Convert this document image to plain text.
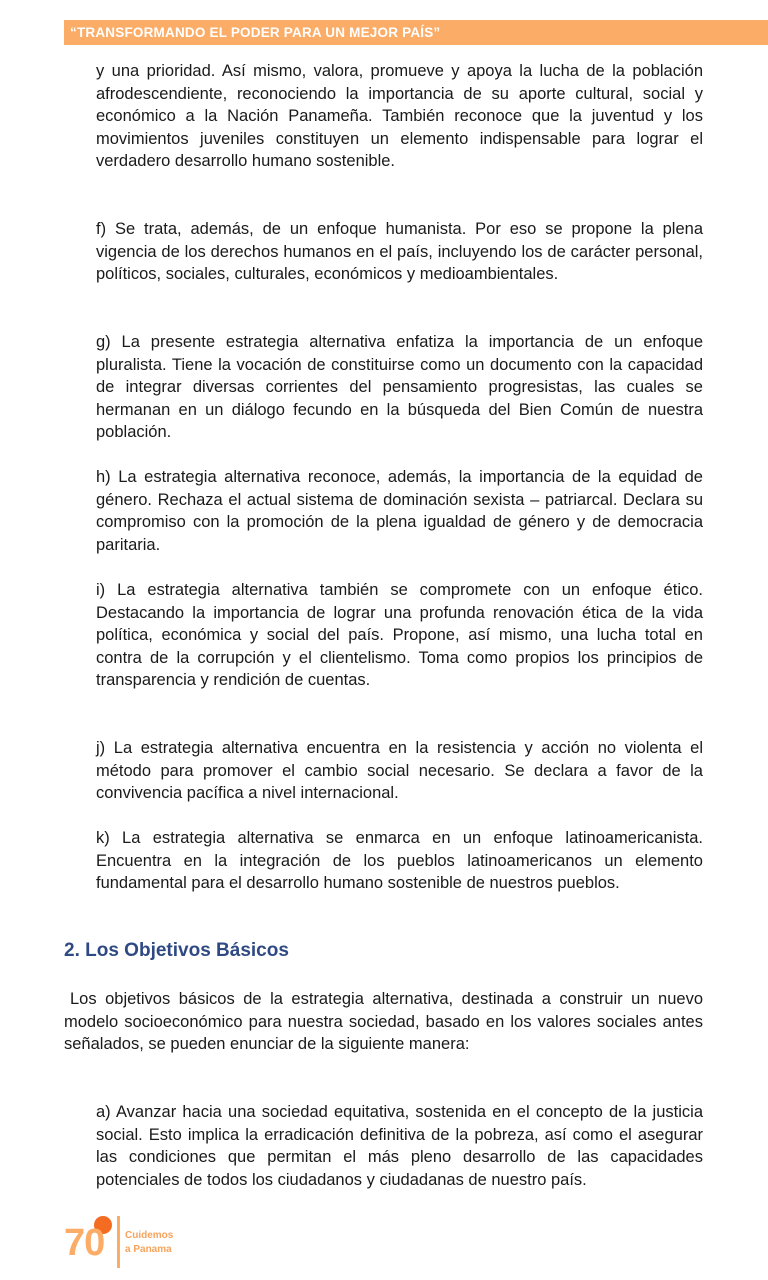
“TRANSFORMANDO EL PODER PARA UN MEJOR PAÍS”

y una prioridad. Así mismo, valora, promueve y apoya la lucha de la población afrodescendiente, reconociendo la importancia de su aporte cultural, social y económico a la Nación Panameña. También reconoce que la juventud y los movimientos juveniles constituyen un elemento indispensable para lograr el verdadero desarrollo humano sostenible.

f) Se trata, además, de un enfoque humanista. Por eso se propone la plena vigencia de los derechos humanos en el país, incluyendo los de carácter personal, políticos, sociales, culturales, económicos y medioambientales.

g) La presente estrategia alternativa enfatiza la importancia de un enfoque pluralista. Tiene la vocación de constituirse como un documento con la capacidad de integrar diversas corrientes del pensamiento progresistas, las cuales se hermanan en un diálogo fecundo en la búsqueda del Bien Común de nuestra población.

h) La estrategia alternativa reconoce, además, la importancia de la equidad de género. Rechaza el actual sistema de dominación sexista – patriarcal. Declara su compromiso con la promoción de la plena igualdad de género y de democracia paritaria.

i) La estrategia alternativa también se compromete con un enfoque ético. Destacando la importancia de lograr una profunda renovación ética de la vida política, económica y social del país. Propone, así mismo, una lucha total en contra de la corrupción y el clientelismo. Toma como propios los principios de transparencia y rendición de cuentas.

j) La estrategia alternativa encuentra en la resistencia y acción no violenta el método para promover el cambio social necesario. Se declara a favor de la convivencia pacífica a nivel internacional.

k) La estrategia alternativa se enmarca en un enfoque latinoamericanista. Encuentra en la integración de los pueblos latinoamericanos un elemento fundamental para el desarrollo humano sostenible de nuestros pueblos.

2. Los Objetivos Básicos

Los objetivos básicos de la estrategia alternativa, destinada a construir un nuevo modelo socioeconómico para nuestra sociedad, basado en los valores sociales antes señalados, se pueden enunciar de la siguiente manera:

a) Avanzar hacia una sociedad equitativa, sostenida en el concepto de la justicia social. Esto implica la erradicación definitiva de la pobreza, así como el asegurar las condiciones que permitan el más pleno desarrollo de las capacidades potenciales de todos los ciudadanos y ciudadanas de nuestro país.

70 Cuidemos
a Panama
